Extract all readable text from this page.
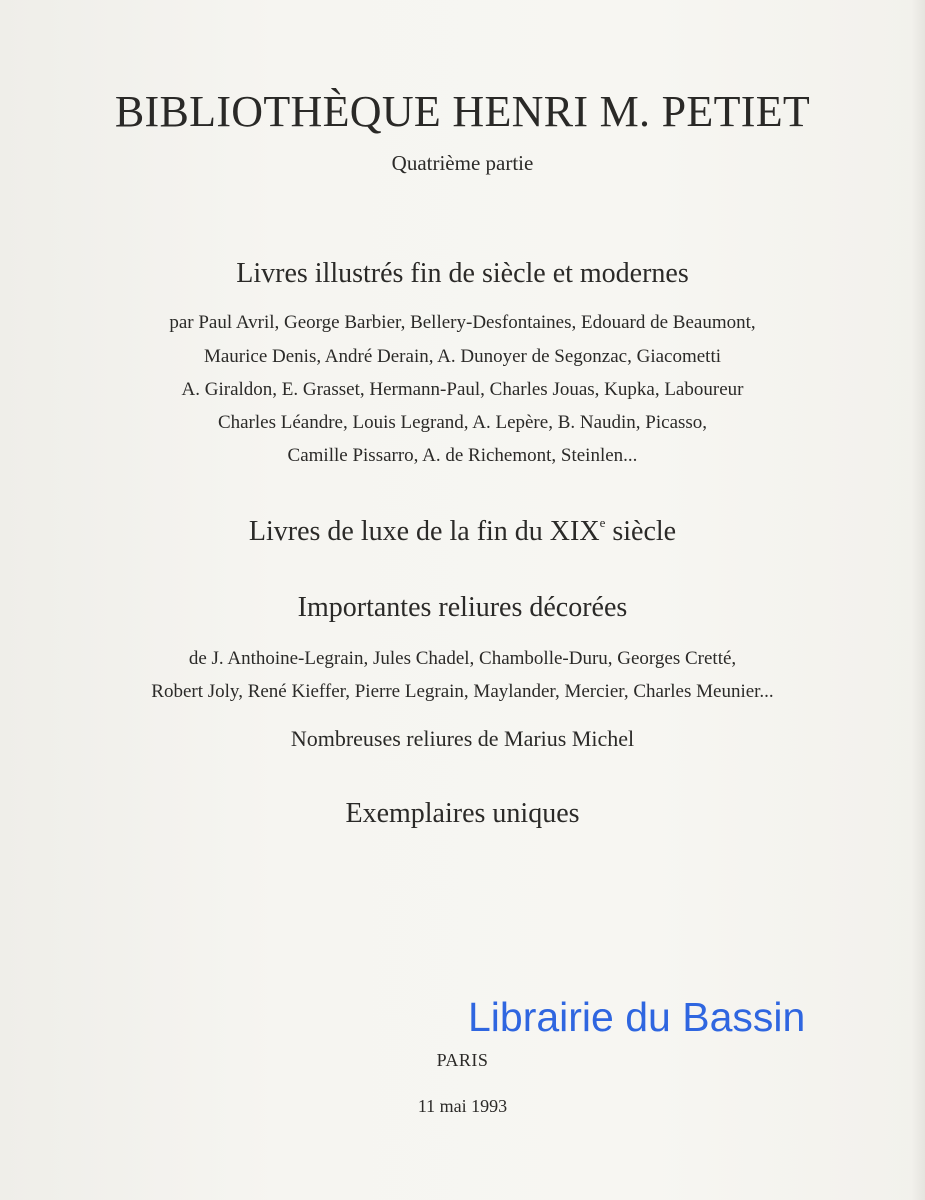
BIBLIOTHÈQUE HENRI M. PETIET
Quatrième partie
Livres illustrés fin de siècle et modernes
par Paul Avril, George Barbier, Bellery-Desfontaines, Edouard de Beaumont,
Maurice Denis, André Derain, A. Dunoyer de Segonzac, Giacometti
A. Giraldon, E. Grasset, Hermann-Paul, Charles Jouas, Kupka, Laboureur
Charles Léandre, Louis Legrand, A. Lepère, B. Naudin, Picasso,
Camille Pissarro, A. de Richemont, Steinlen...
Livres de luxe de la fin du XIXe siècle
Importantes reliures décorées
de J. Anthoine-Legrain, Jules Chadel, Chambolle-Duru, Georges Cretté,
Robert Joly, René Kieffer, Pierre Legrain, Maylander, Mercier, Charles Meunier...
Nombreuses reliures de Marius Michel
Exemplaires uniques
Librairie du Bassin
PARIS
11 mai 1993
